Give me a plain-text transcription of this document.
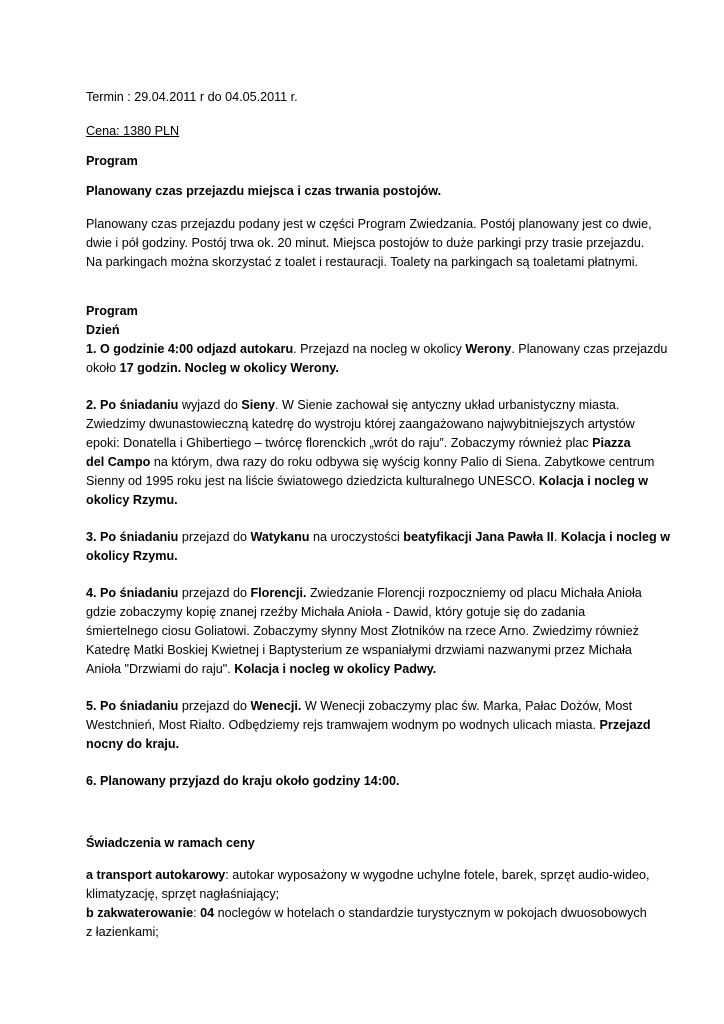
Termin : 29.04.2011 r do 04.05.2011 r.
Cena: 1380 PLN
Program
Planowany czas przejazdu miejsca i czas trwania postojów.
Planowany czas przejazdu podany jest w części Program Zwiedzania. Postój planowany jest co dwie,
dwie i pół godziny. Postój trwa ok. 20 minut. Miejsca postojów to duże parkingi przy trasie przejazdu.
Na parkingach można skorzystać z toalet i restauracji. Toalety na parkingach są toaletami płatnymi.
Program
Dzień
1. O godzinie 4:00 odjazd autokaru. Przejazd na nocleg w okolicy Werony. Planowany czas przejazdu
około 17 godzin. Nocleg w okolicy Werony.
2. Po śniadaniu wyjazd do Sieny. W Sienie zachował się antyczny układ urbanistyczny miasta.
Zwiedzimy dwunastowieczną katedrę do wystroju której zaangażowano najwybitniejszych artystów
epoki: Donatella i Ghibertiego – twórcę florenckich „wrót do raju”. Zobaczymy również plac Piazza
del Campo na którym, dwa razy do roku odbywa się wyścig konny Palio di Siena. Zabytkowe centrum
Sienny od 1995 roku jest na liście światowego dziedzicta kulturalnego UNESCO. Kolacja i nocleg w
okolicy Rzymu.
3. Po śniadaniu przejazd do Watykanu na uroczystości beatyfikacji Jana Pawła II. Kolacja i nocleg w
okolicy Rzymu.
4. Po śniadaniu przejazd do Florencji. Zwiedzanie Florencji rozpoczniemy od placu Michała Anioła
gdzie zobaczymy kopię znanej rzeźby Michała Anioła - Dawid, który gotuje się do zadania
śmiertelnego ciosu Goliatowi. Zobaczymy słynny Most Złotników na rzece Arno. Zwiedzimy również
Katedrę Matki Boskiej Kwietnej i Baptysterium ze wspaniałymi drzwiami nazwanymi przez Michała
Anioła "Drzwiami do raju". Kolacja i nocleg w okolicy Padwy.
5. Po śniadaniu przejazd do Wenecji. W Wenecji zobaczymy plac św. Marka, Pałac Dożów, Most
Westchnień, Most Rialto. Odbędziemy rejs tramwajem wodnym po wodnych ulicach miasta. Przejazd
nocny do kraju.
6. Planowany przyjazd do kraju około godziny 14:00.
Świadczenia w ramach ceny
a transport autokarowy: autokar wyposażony w wygodne uchylne fotele, barek, sprzęt audio-wideo,
klimatyzację, sprzęt nagłaśniający;
b zakwaterowanie: 04 noclegów w hotelach o standardzie turystycznym w pokojach dwuosobowych
z łazienkami;
